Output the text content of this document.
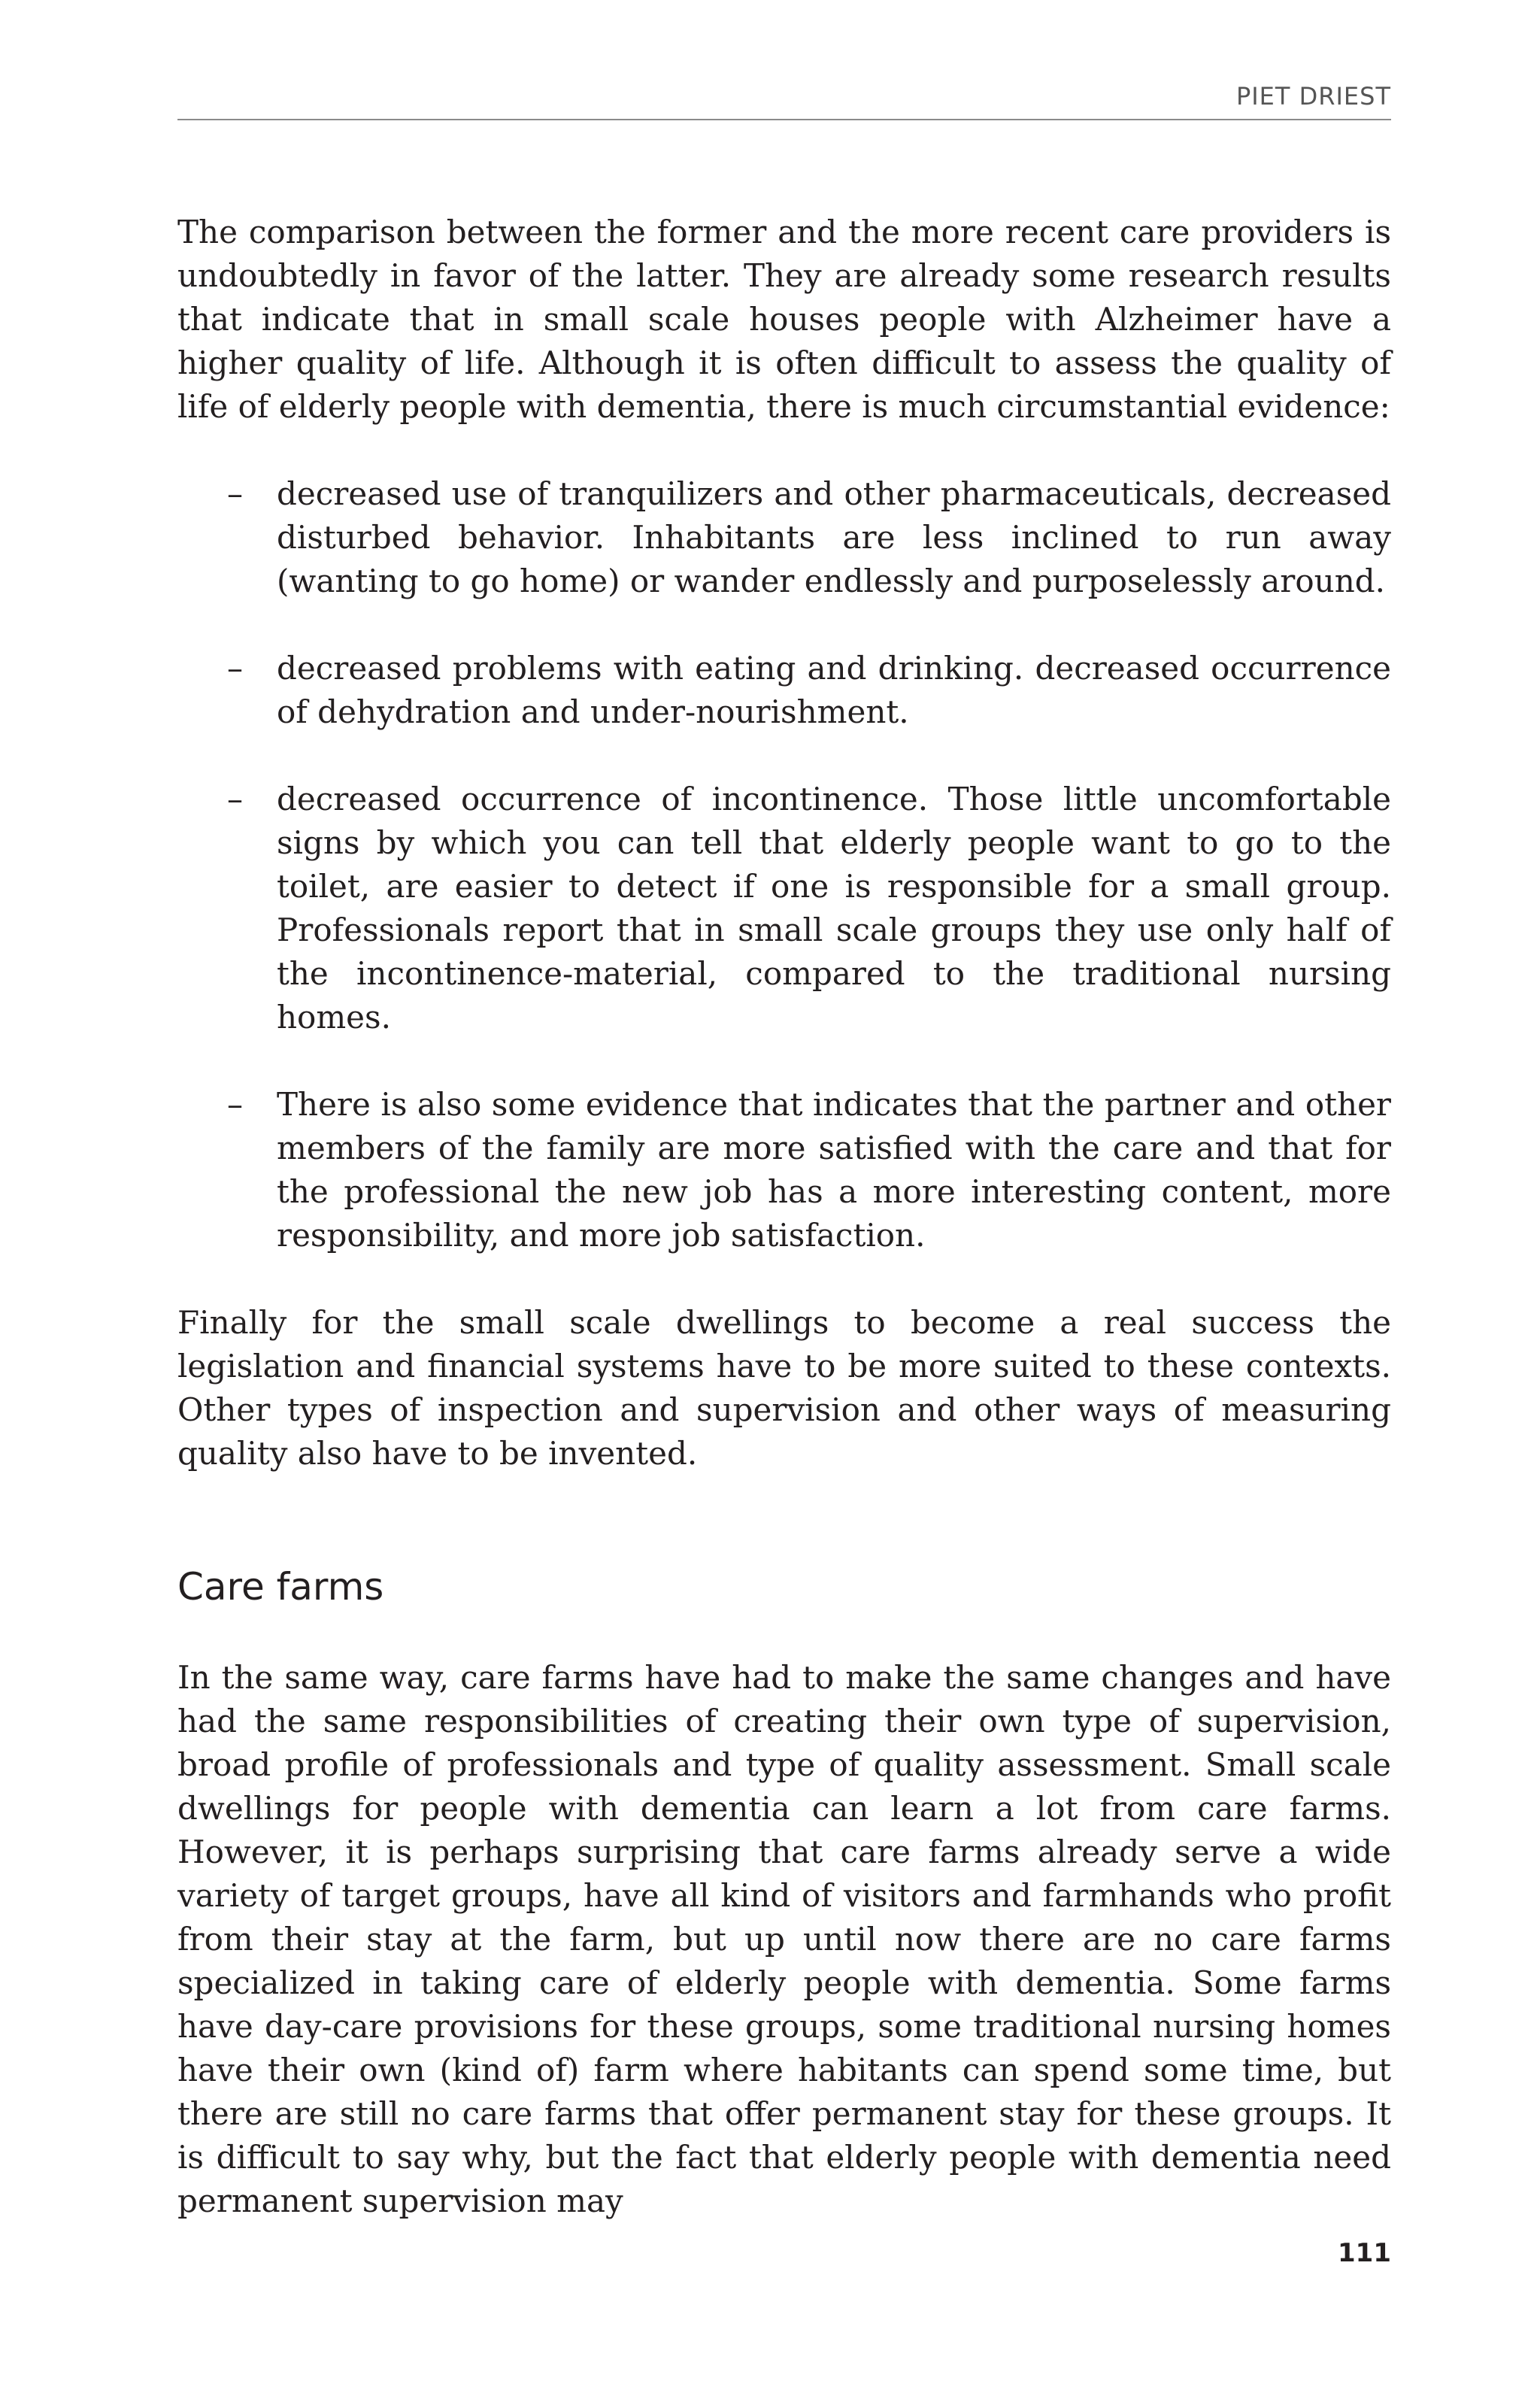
PIET DRIEST

The comparison between the former and the more recent care providers is undoubtedly in favor of the latter. They are already some research results that indicate that in small scale houses people with Alzheimer have a higher quality of life. Although it is often difficult to assess the quality of life of elderly people with dementia, there is much circumstantial evidence:

– decreased use of tranquilizers and other pharmaceuticals, decreased disturbed behavior. Inhabitants are less inclined to run away (wanting to go home) or wander endlessly and purposelessly around.
– decreased problems with eating and drinking. decreased occurrence of dehydration and under-nourishment.
– decreased occurrence of incontinence. Those little uncomfortable signs by which you can tell that elderly people want to go to the toilet, are easier to detect if one is responsible for a small group. Professionals report that in small scale groups they use only half of the incontinence-material, compared to the traditional nursing homes.
– There is also some evidence that indicates that the partner and other members of the family are more satisfied with the care and that for the professional the new job has a more interesting content, more responsibility, and more job satisfaction.

Finally for the small scale dwellings to become a real success the legislation and financial systems have to be more suited to these contexts. Other types of inspection and supervision and other ways of measuring quality also have to be invented.

Care farms

In the same way, care farms have had to make the same changes and have had the same responsibilities of creating their own type of supervision, broad profile of professionals and type of quality assessment. Small scale dwellings for people with dementia can learn a lot from care farms. However, it is perhaps surprising that care farms already serve a wide variety of target groups, have all kind of visitors and farmhands who profit from their stay at the farm, but up until now there are no care farms specialized in taking care of elderly people with dementia. Some farms have day-care provisions for these groups, some traditional nursing homes have their own (kind of) farm where habitants can spend some time, but there are still no care farms that offer permanent stay for these groups. It is difficult to say why, but the fact that elderly people with dementia need permanent supervision may

111
